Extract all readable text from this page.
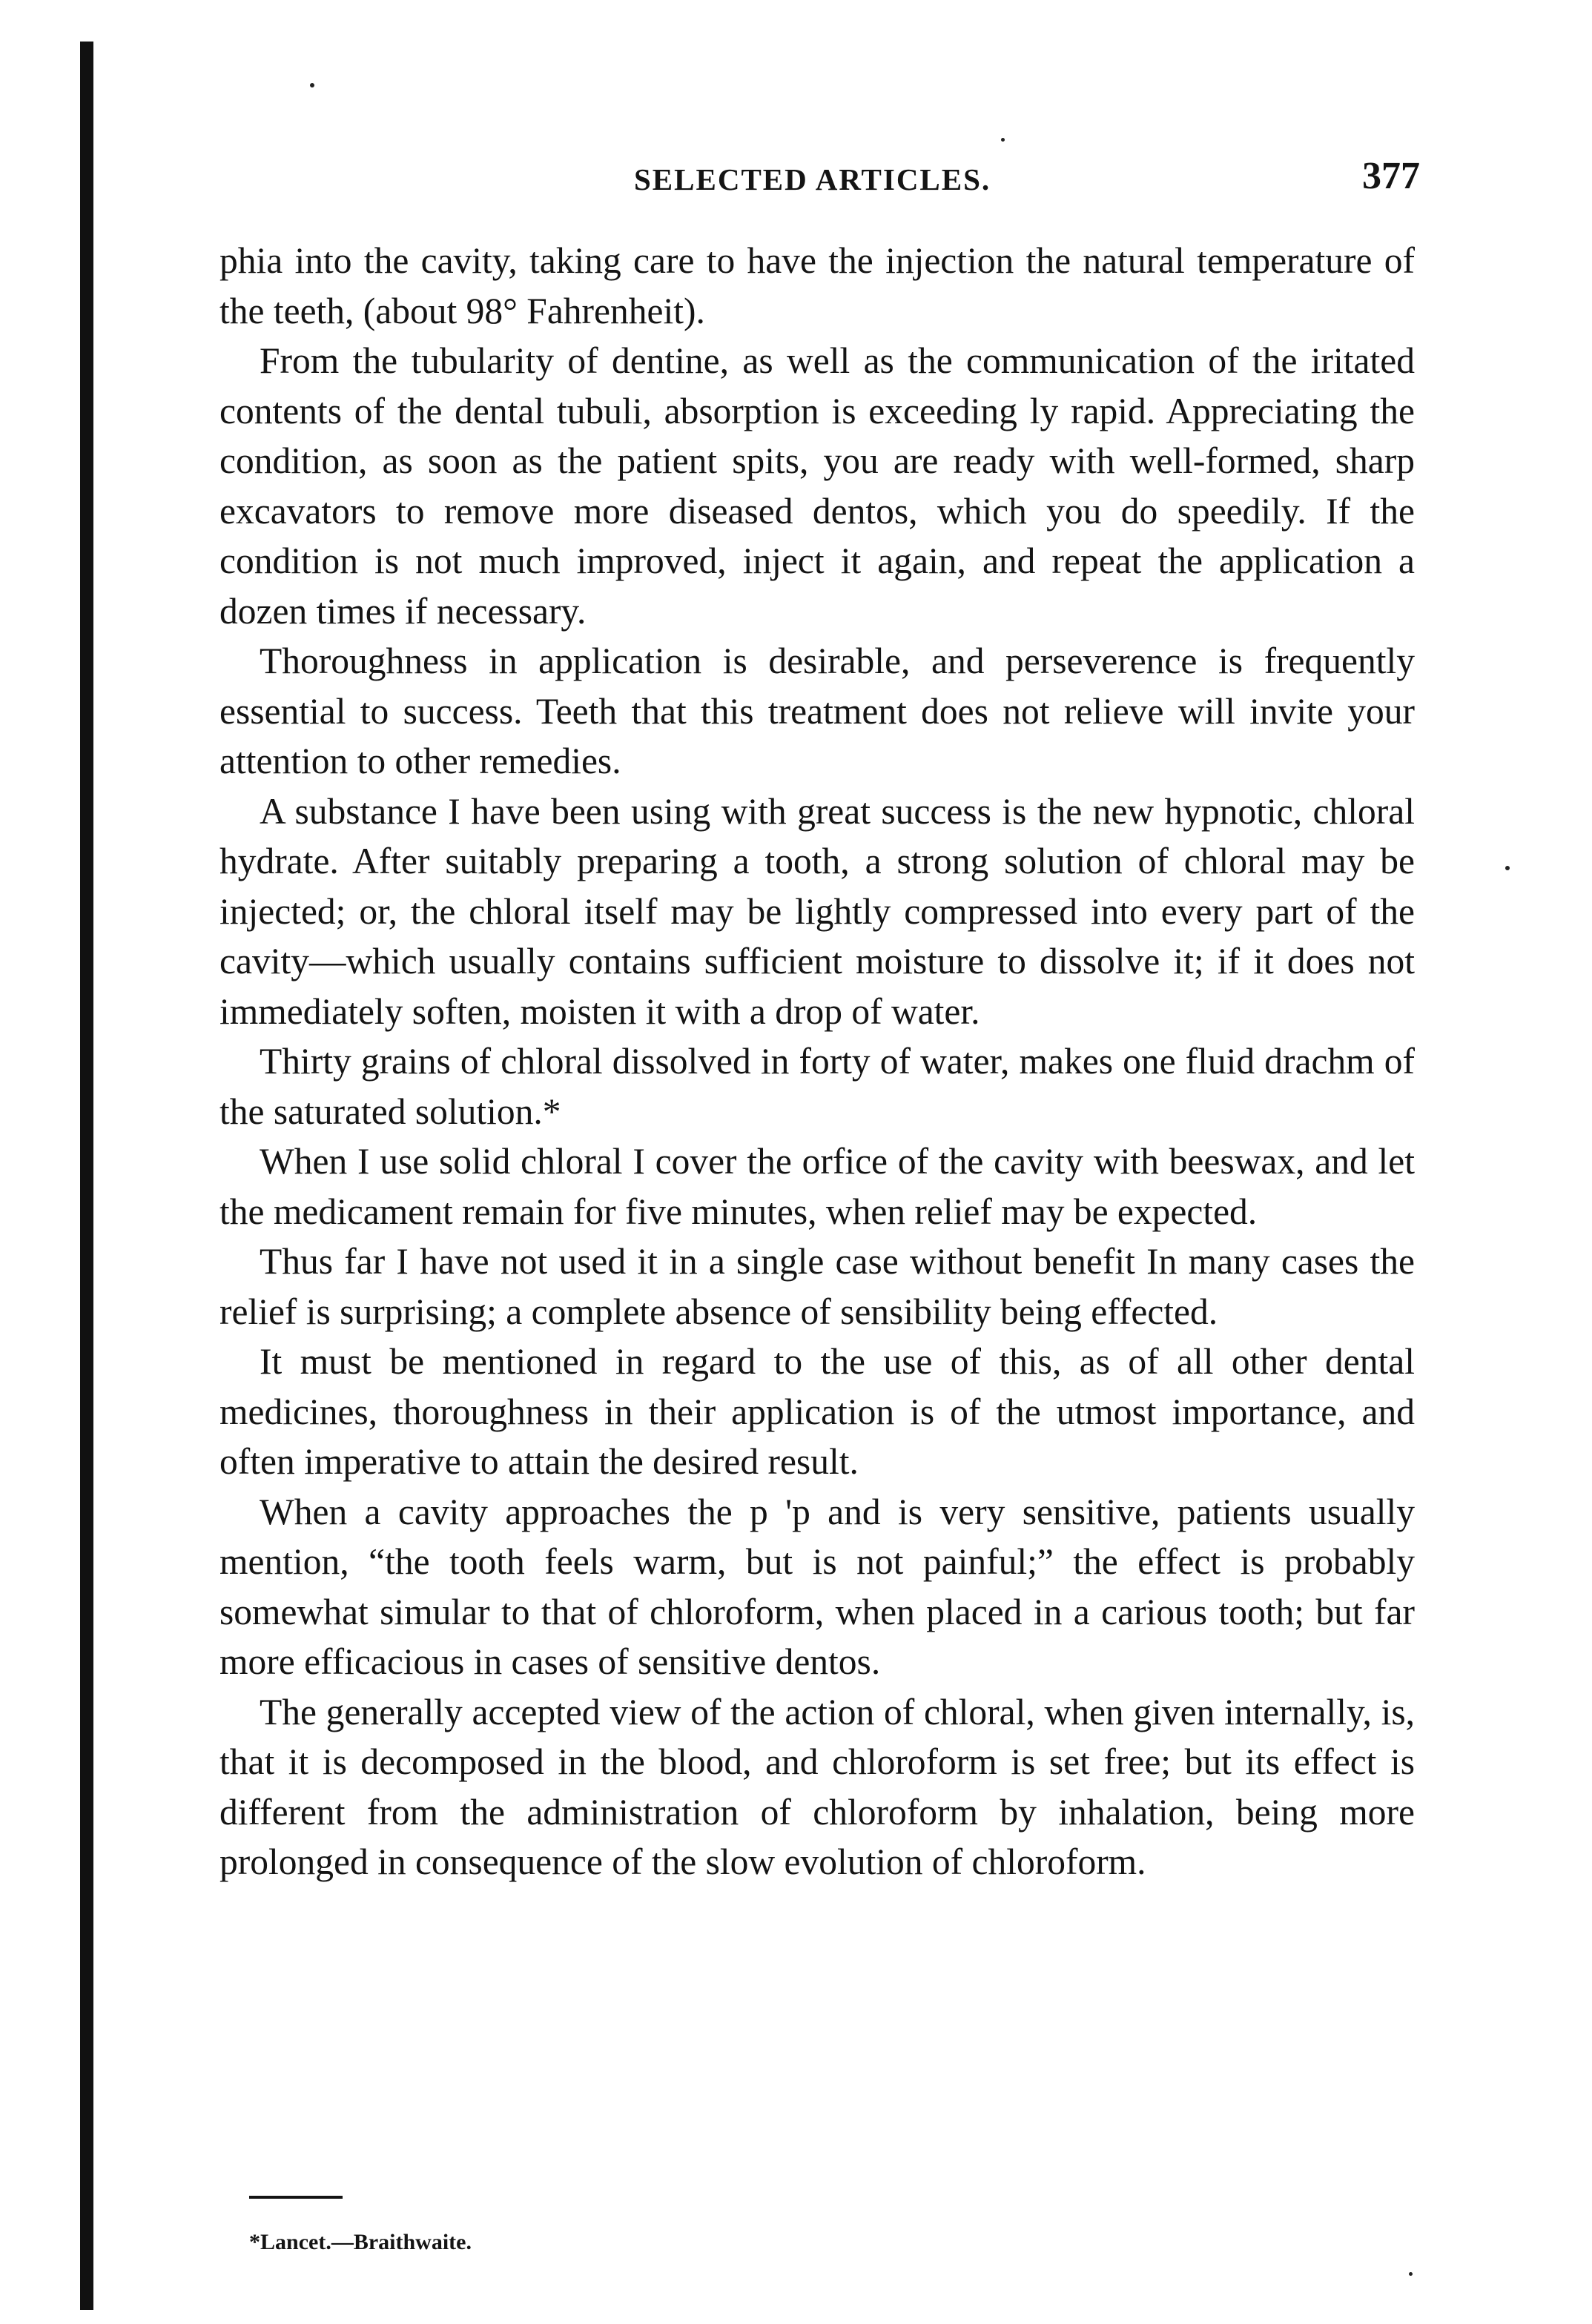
SELECTED ARTICLES.	377

phia into the cavity, taking care to have the injection the natural temperature of the teeth, (about 98° Fahrenheit).

From the tubularity of dentine, as well as the communication of the iritated contents of the dental tubuli, absorption is exceeding ly rapid. Appreciating the condition, as soon as the patient spits, you are ready with well-formed, sharp excavators to remove more diseased dentos, which you do speedily. If the condition is not much improved, inject it again, and repeat the application a dozen times if necessary.

Thoroughness in application is desirable, and perseverence is frequently essential to success. Teeth that this treatment does not relieve will invite your attention to other remedies.

A substance I have been using with great success is the new hypnotic, chloral hydrate. After suitably preparing a tooth, a strong solution of chloral may be injected; or, the chloral itself may be lightly compressed into every part of the cavity—which usually contains sufficient moisture to dissolve it; if it does not immediately soften, moisten it with a drop of water.

Thirty grains of chloral dissolved in forty of water, makes one fluid drachm of the saturated solution.*

When I use solid chloral I cover the orfice of the cavity with beeswax, and let the medicament remain for five minutes, when relief may be expected.

Thus far I have not used it in a single case without benefit In many cases the relief is surprising; a complete absence of sensibility being effected.

It must be mentioned in regard to the use of this, as of all other dental medicines, thoroughness in their application is of the utmost importance, and often imperative to attain the desired result.

When a cavity approaches the p 'p and is very sensitive, patients usually mention, “the tooth feels warm, but is not painful;” the effect is probably somewhat simular to that of chloroform, when placed in a carious tooth; but far more efficacious in cases of sensitive dentos.

The generally accepted view of the action of chloral, when given internally, is, that it is decomposed in the blood, and chloroform is set free; but its effect is different from the administration of chloroform by inhalation, being more prolonged in consequence of the slow evolution of chloroform.

*Lancet.—Braithwaite.
